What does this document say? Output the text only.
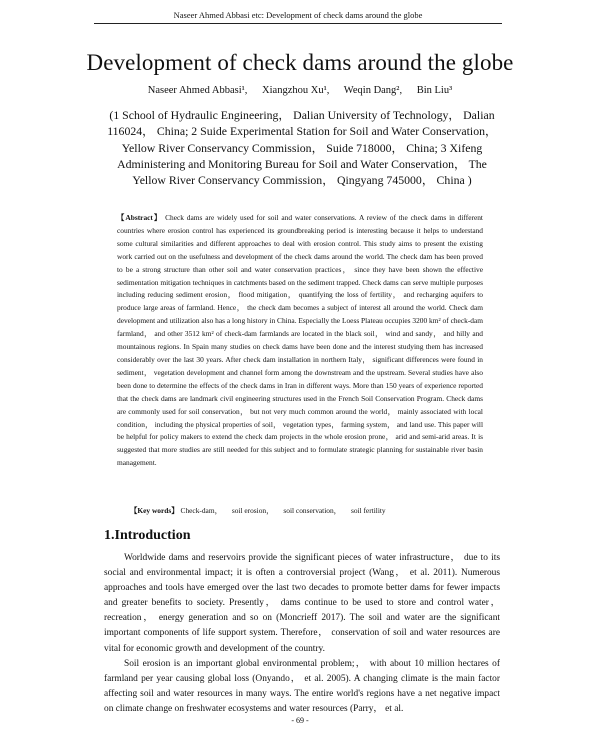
Naseer Ahmed Abbasi etc: Development of check dams around the globe
Development of check dams around the globe
Naseer Ahmed Abbasi¹, Xiangzhou Xu¹, Weqin Dang², Bin Liu³
(1 School of Hydraulic Engineering， Dalian University of Technology， Dalian 116024， China; 2 Suide Experimental Station for Soil and Water Conservation， Yellow River Conservancy Commission， Suide 718000， China; 3 Xifeng Administering and Monitoring Bureau for Soil and Water Conservation， The Yellow River Conservancy Commission， Qingyang 745000， China )
【Abstract】 Check dams are widely used for soil and water conservations. A review of the check dams in different countries where erosion control has experienced its groundbreaking period is interesting because it helps to understand some cultural similarities and different approaches to deal with erosion control. This study aims to present the existing work carried out on the usefulness and development of the check dams around the world. The check dam has been proved to be a strong structure than other soil and water conservation practices， since they have been shown the effective sedimentation mitigation techniques in catchments based on the sediment trapped. Check dams can serve multiple purposes including reducing sediment erosion， flood mitigation， quantifying the loss of fertility， and recharging aquifers to produce large areas of farmland. Hence， the check dam becomes a subject of interest all around the world. Check dam development and utilization also has a long history in China. Especially the Loess Plateau occupies 3200 km² of check-dam farmland， and other 3512 km² of check-dam farmlands are located in the black soil， wind and sandy， and hilly and mountainous regions. In Spain many studies on check dams have been done and the interest studying them has increased considerably over the last 30 years. After check dam installation in northern Italy， significant differences were found in sediment， vegetation development and channel form among the downstream and the upstream. Several studies have also been done to determine the effects of the check dams in Iran in different ways. More than 150 years of experience reported that the check dams are landmark civil engineering structures used in the French Soil Conservation Program. Check dams are commonly used for soil conservation， but not very much common around the world， mainly associated with local condition， including the physical properties of soil， vegetation types， farming system， and land use. This paper will be helpful for policy makers to extend the check dam projects in the whole erosion prone， arid and semi-arid areas. It is suggested that more studies are still needed for this subject and to formulate strategic planning for sustainable river basin management.
【Key words】 Check-dam， soil erosion， soil conservation， soil fertility
1.Introduction

Worldwide dams and reservoirs provide the significant pieces of water infrastructure， due to its social and environmental impact; it is often a controversial project (Wang， et al. 2011). Numerous approaches and tools have emerged over the last two decades to promote better dams for fewer impacts and greater benefits to society. Presently， dams continue to be used to store and control water， recreation， energy generation and so on (Moncrieff 2017). The soil and water are the significant important components of life support system. Therefore， conservation of soil and water resources are vital for economic growth and development of the country.

Soil erosion is an important global environmental problem;， with about 10 million hectares of farmland per year causing global loss (Onyando， et al. 2005). A changing climate is the main factor affecting soil and water resources in many ways. The entire world's regions have a net negative impact on climate change on freshwater ecosystems and water resources (Parry， et al.

- 69 -
